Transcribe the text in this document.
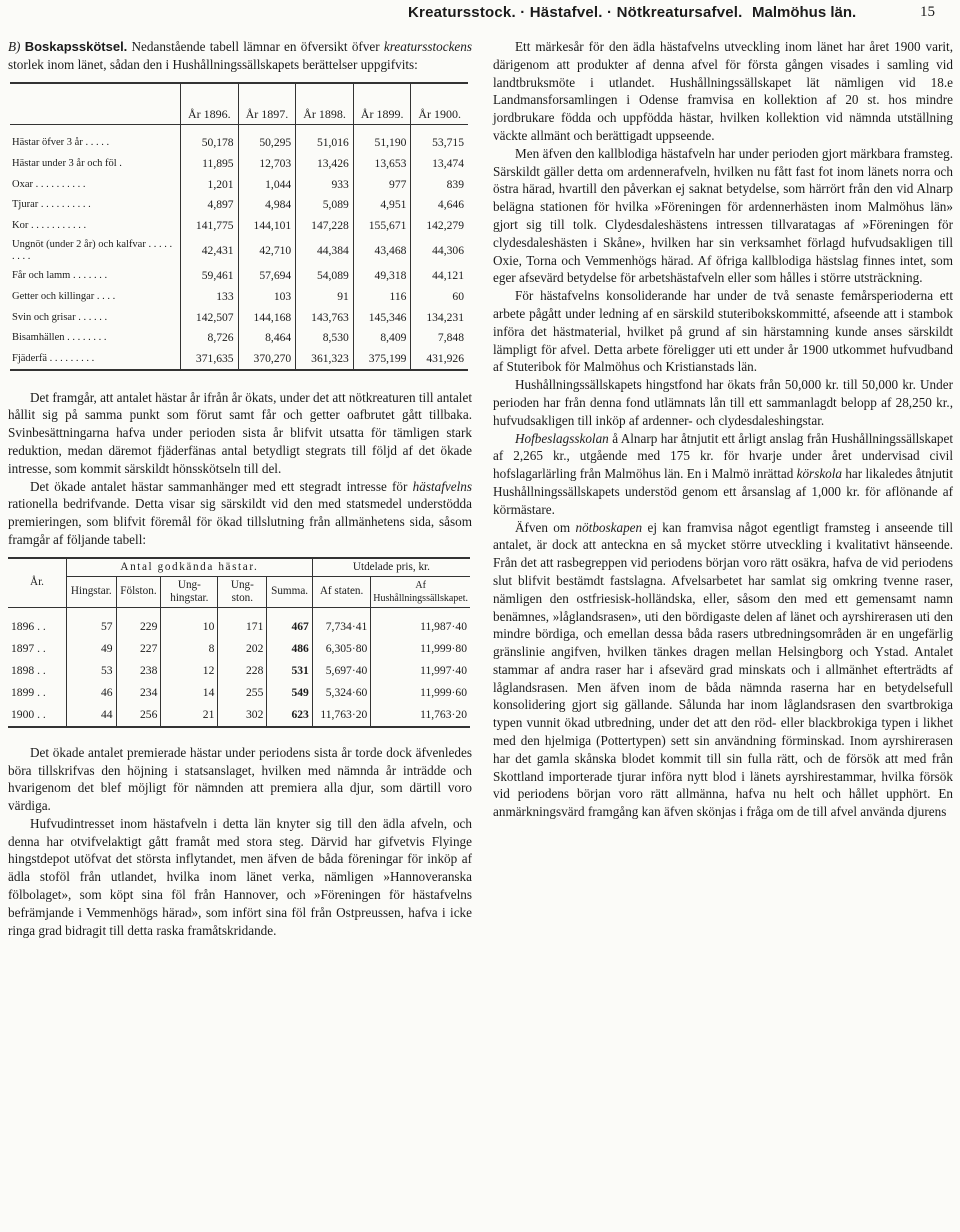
Kreatursstock. · Hästafvel. · Nötkreatursafvel. Malmöhus län.	15

B) Boskapsskötsel. Nedanstående tabell lämnar en öfversikt öfver kreatursstockens storlek inom länet, sådan den i Hushållningssällskapets berättelser uppgifvits:

	År 1896.	År 1897.	År 1898.	År 1899.	År 1900.

Hästar öfver 3 år . . . . .	50,178	50,295	51,016	51,190	53,715
Hästar under 3 år och föl .	11,895	12,703	13,426	13,653	13,474
Oxar . . . . . . . . . .	1,201	1,044	933	977	839
Tjurar . . . . . . . . . .	4,897	4,984	5,089	4,951	4,646
Kor . . . . . . . . . . .	141,775	144,101	147,228	155,671	142,279
Ungnöt (under 2 år) och kalfvar . . . . . . . . .	42,431	42,710	44,384	43,468	44,306
Får och lamm . . . . . . .	59,461	57,694	54,089	49,318	44,121
Getter och killingar . . . .	133	103	91	116	60
Svin och grisar . . . . . .	142,507	144,168	143,763	145,346	134,231
Bisamhällen . . . . . . . .	8,726	8,464	8,530	8,409	7,848
Fjäderfä . . . . . . . . .	371,635	370,270	361,323	375,199	431,926

Det framgår, att antalet hästar år ifrån år ökats, under det att nötkreaturen till antalet hållit sig på samma punkt som förut samt får och getter oafbrutet gått tillbaka. Svinbesättningarna hafva under perioden sista år blifvit utsatta för tämligen stark reduktion, medan däremot fjäderfänas antal betydligt stegrats till följd af det ökade intresse, som kommit särskildt hönsskötseln till del.

Det ökade antalet hästar sammanhänger med ett stegradt intresse för hästafvelns rationella bedrifvande. Detta visar sig särskildt vid den med statsmedel understödda premieringen, som blifvit föremål för ökad tillslutning från allmänhetens sida, såsom framgår af följande tabell:

År.	Antal godkända hästar.					Utdelade pris, kr.	
	Hingstar.	Fölston.	Ung-hingstar.	Ung-ston.	Summa.	Af staten.	Af Hushållningssällskapet.

1896 . .	57	229	10	171	467	7,734·41	11,987·40
1897 . .	49	227	8	202	486	6,305·80	11,999·80
1898 . .	53	238	12	228	531	5,697·40	11,997·40
1899 . .	46	234	14	255	549	5,324·60	11,999·60
1900 . .	44	256	21	302	623	11,763·20	11,763·20

Det ökade antalet premierade hästar under periodens sista år torde dock äfvenledes böra tillskrifvas den höjning i statsanslaget, hvilken med nämnda år inträdde och hvarigenom det blef möjligt för nämnden att premiera alla djur, som därtill voro värdiga.

Hufvudintresset inom hästafveln i detta län knyter sig till den ädla afveln, och denna har otvifvelaktigt gått framåt med stora steg. Därvid har gifvetvis Flyinge hingstdepot utöfvat det största inflytandet, men äfven de båda föreningar för inköp af ädla stoföl från utlandet, hvilka inom länet verka, nämligen »Hannoveranska fölbolaget», som köpt sina föl från Hannover, och »Föreningen för hästafvelns befrämjande i Vemmenhögs härad», som infört sina föl från Ostpreussen, hafva i icke ringa grad bidragit till detta raska framåtskridande.

Ett märkesår för den ädla hästafvelns utveckling inom länet har året 1900 varit, därigenom att produkter af denna afvel för första gången visades i samling vid landtbruksmöte i utlandet. Hushållningssällskapet lät nämligen vid 18.e Landmansforsamlingen i Odense framvisa en kollektion af 20 st. hos mindre jordbrukare födda och uppfödda hästar, hvilken kollektion vid nämnda utställning väckte allmänt och berättigadt uppseende.

Men äfven den kallblodiga hästafveln har under perioden gjort märkbara framsteg. Särskildt gäller detta om ardennerafveln, hvilken nu fått fast fot inom länets norra och östra härad, hvartill den påverkan ej saknat betydelse, som härrört från den vid Alnarp belägna stationen för hvilka »Föreningen för ardennerhästen inom Malmöhus län» gjort sig till tolk. Clydesdaleshästens intressen tillvaratagas af »Föreningen för clydesdaleshästen i Skåne», hvilken har sin verksamhet förlagd hufvudsakligen till Oxie, Torna och Vemmenhögs härad. Af öfriga kallblodiga hästslag finnes intet, som eger afsevärd betydelse för arbetshästafveln eller som hålles i större utsträckning.

För hästafvelns konsoliderande har under de två senaste femårsperioderna ett arbete pågått under ledning af en särskild stuteribokskommitté, afseende att i stambok införa det hästmaterial, hvilket på grund af sin härstamning kunde anses särskildt lämpligt för afvel. Detta arbete föreligger uti ett under år 1900 utkommet hufvudband af Stuteribok för Malmöhus och Kristianstads län.

Hushållningssällskapets hingstfond har ökats från 50,000 kr. till 50,000 kr. Under perioden har från denna fond utlämnats lån till ett sammanlagdt belopp af 28,250 kr., hufvudsakligen till inköp af ardenner- och clydesdaleshingstar.

Hofbeslagsskolan å Alnarp har åtnjutit ett årligt anslag från Hushållningssällskapet af 2,265 kr., utgående med 175 kr. för hvarje under året undervisad civil hofslagarlärling från Malmöhus län. En i Malmö inrättad körskola har likaledes åtnjutit Hushållningssällskapets understöd genom ett årsanslag af 1,000 kr. för aflönande af körmästare.

Äfven om nötboskapen ej kan framvisa något egentligt framsteg i anseende till antalet, är dock att anteckna en så mycket större utveckling i kvalitativt hänseende. Från det att rasbegreppen vid periodens början voro rätt osäkra, hafva de vid periodens slut blifvit bestämdt fastslagna. Afvelsarbetet har samlat sig omkring tvenne raser, nämligen den ostfriesisk-holländska, eller, såsom den med ett gemensamt namn benämnes, »låglandsrasen», uti den bördigaste delen af länet och ayrshirerasen uti den mindre bördiga, och emellan dessa båda rasers utbredningsområden är en ungefärlig gränslinie angifven, hvilken tänkes dragen mellan Helsingborg och Ystad. Antalet stammar af andra raser har i afsevärd grad minskats och i allmänhet efterträdts af låglandsrasen. Men äfven inom de båda nämnda raserna har en betydelsefull konsolidering gjort sig gällande. Sålunda har inom låglandsrasen den svartbrokiga typen vunnit ökad utbredning, under det att den röd- eller blackbrokiga typen i likhet med den hjelmiga (Pottertypen) sett sin användning förminskad. Inom ayrshirerasen har det gamla skånska blodet kommit till sin fulla rätt, och de försök att med från Skottland importerade tjurar införa nytt blod i länets ayrshirestammar, hvilka försök vid periodens början voro rätt allmänna, hafva nu helt och hållet upphört. En anmärkningsvärd framgång kan äfven skönjas i fråga om de till afvel använda djurens
